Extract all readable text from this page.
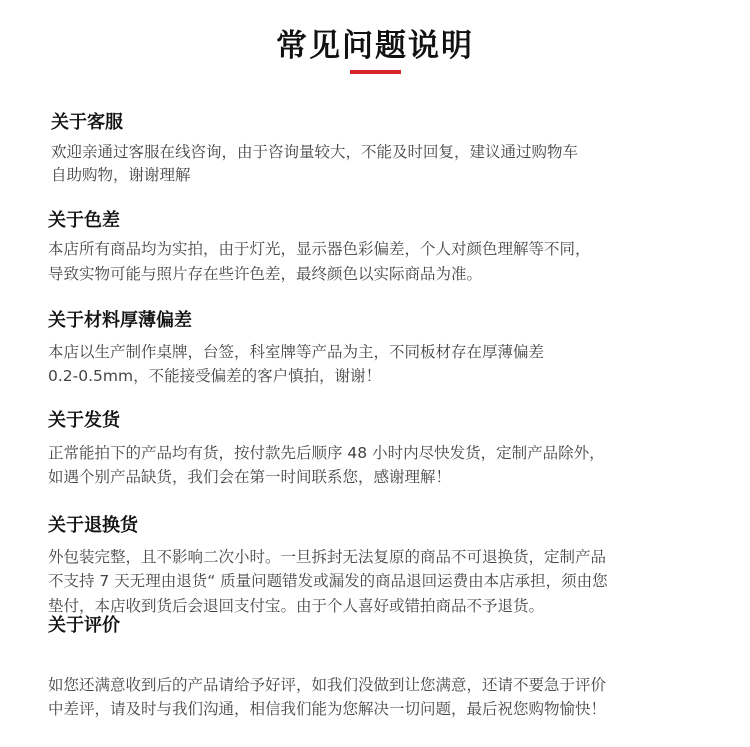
常见问题说明
关于客服
欢迎亲通过客服在线咨询，由于咨询量较大，不能及时回复，建议通过购物车
自助购物，谢谢理解
关于色差
本店所有商品均为实拍，由于灯光，显示器色彩偏差，个人对颜色理解等不同，
导致实物可能与照片存在些许色差，最终颜色以实际商品为准。
关于材料厚薄偏差
本店以生产制作桌牌，台签，科室牌等产品为主，不同板材存在厚薄偏差
0.2-0.5mm，不能接受偏差的客户慎拍，谢谢！
关于发货
正常能拍下的产品均有货，按付款先后顺序 48 小时内尽快发货，定制产品除外，
如遇个别产品缺货，我们会在第一时间联系您，感谢理解！
关于退换货
外包装完整，且不影响二次小时。一旦拆封无法复原的商品不可退换货，定制产品
不支持 7 天无理由退货“ 质量问题错发或漏发的商品退回运费由本店承担，须由您
垫付，本店收到货后会退回支付宝。由于个人喜好或错拍商品不予退货。
关于评价
如您还满意收到后的产品请给予好评，如我们没做到让您满意，还请不要急于评价
中差评，请及时与我们沟通，相信我们能为您解决一切问题，最后祝您购物愉快！
